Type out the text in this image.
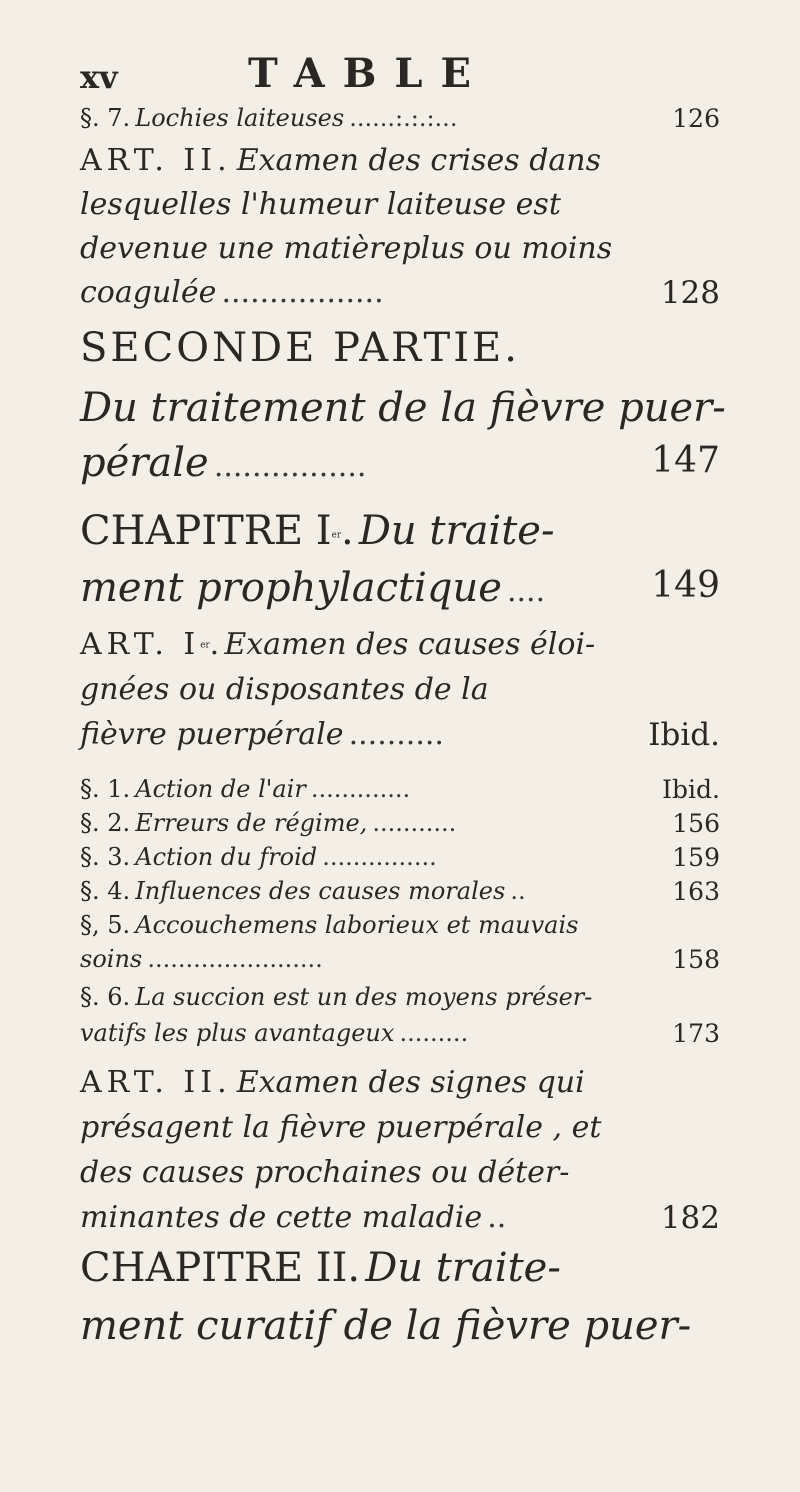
xv	TABLE
§. 7. Lochies laiteuses ......:.:.:...	126
ART. II. Examen des crises dans
lesquelles l'humeur laiteuse est
devenue une matièreplus ou moins
coagulée .................	128
SECONDE PARTIE.
Du traitement de la fièvre puer-
pérale ................	147
CHAPITRE Ier. Du traite-
ment prophylactique ....	149
ART. Ier. Examen des causes éloi-
gnées ou disposantes de la
fièvre puerpérale ..........	Ibid.
§. 1. Action de l'air .............	Ibid.
§. 2. Erreurs de régime, ...........	156
§. 3. Action du froid ...............	159
§. 4. Influences des causes morales ..	163
§, 5. Accouchemens laborieux et mauvais
soins .......................	158
§. 6. La succion est un des moyens préser-
vatifs les plus avantageux .........	173
ART. II. Examen des signes qui
présagent la fièvre puerpérale , et
des causes prochaines ou déter-
minantes de cette maladie ..	182
CHAPITRE II. Du traite-
ment curatif de la fièvre puer-
